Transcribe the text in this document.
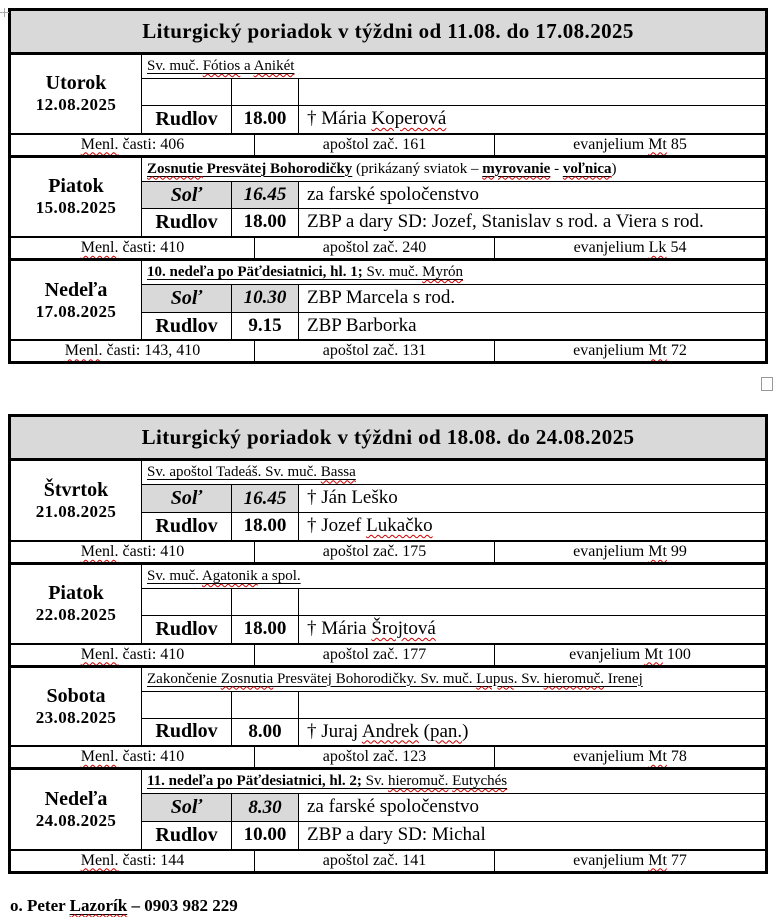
Liturgický poriadok v týždni od 11.08. do 17.08.2025					

Utorok
12.08.2025	Sv. muč. Fótios a Anikét				

	Rudlov	18.00		† Mária Koperová	
Menl. časti: 406			apoštol zač. 161		evanjelium Mt 85

Piatok
15.08.2025	Zosnutie Presvätej Bohorodičky (prikázaný sviatok – myrovanie - voľnica)				
	Soľ	16.45		za farské spoločenstvo	
	Rudlov	18.00		ZBP a dary SD: Jozef, Stanislav s rod. a Viera s rod.	
Menl. časti: 410			apoštol zač. 240		evanjelium Lk 54

Nedeľa
17.08.2025	10. nedeľa po Päťdesiatnici, hl. 1; Sv. muč. Myrón				
	Soľ	10.30		ZBP Marcela s rod.	
	Rudlov	9.15		ZBP Barborka	
Menl. časti: 143, 410			apoštol zač. 131		evanjelium Mt 72
Liturgický poriadok v týždni od 18.08. do 24.08.2025					

Štvrtok
21.08.2025	Sv. apoštol Tadeáš. Sv. muč. Bassa				
	Soľ	16.45		† Ján Leško	
	Rudlov	18.00		† Jozef Lukačko	
Menl. časti: 410			apoštol zač. 175		evanjelium Mt 99

Piatok
22.08.2025	Sv. muč. Agatonik a spol.				

	Rudlov	18.00		† Mária Šrojtová	
Menl. časti: 410			apoštol zač. 177		evanjelium Mt 100

Sobota
23.08.2025	Zakončenie Zosnutia Presvätej Bohorodičky. Sv. muč. Lupus. Sv. hieromuč. Irenej				

	Rudlov	8.00		† Juraj Andrek (pan.)	
Menl. časti: 410			apoštol zač. 123		evanjelium Mt 78

Nedeľa
24.08.2025	11. nedeľa po Päťdesiatnici, hl. 2; Sv. hieromuč. Eutychés				
	Soľ	8.30		za farské spoločenstvo	
	Rudlov	10.00		ZBP a dary SD: Michal	
Menl. časti: 144			apoštol zač. 141		evanjelium Mt 77

o. Peter Lazorík – 0903 982 229
